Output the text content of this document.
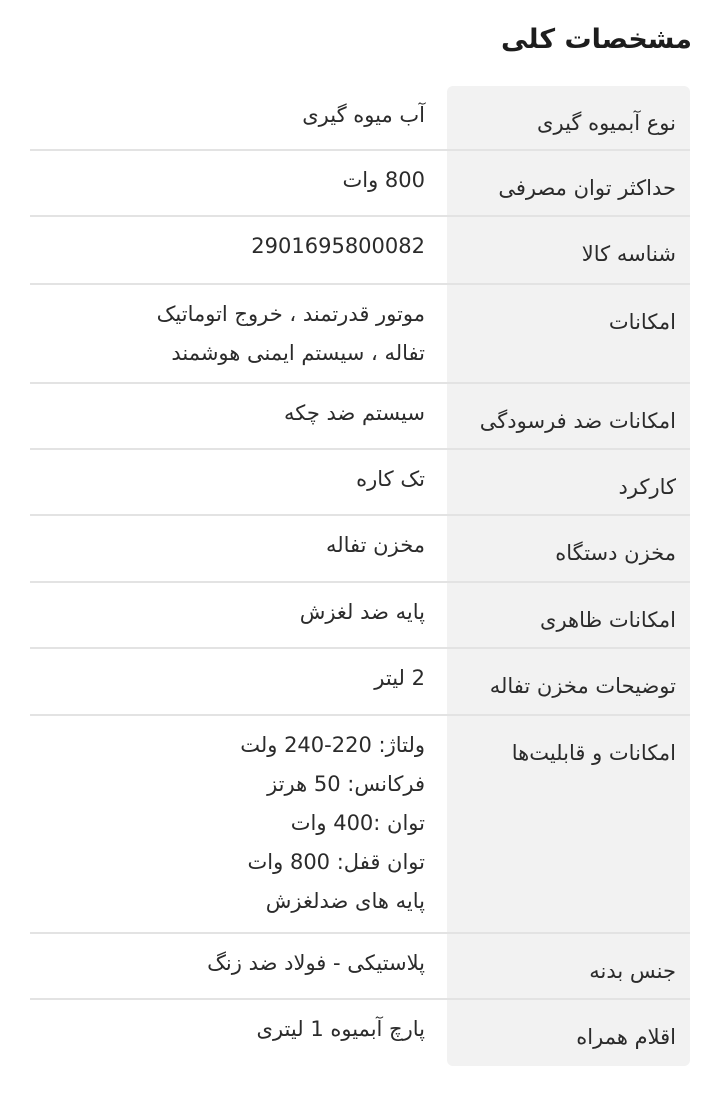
مشخصات کلی
نوع آبمیوه گیری
آب میوه گیری
حداکثر توان مصرفی
800 وات
شناسه کالا
2901695800082
امکانات
موتور قدرتمند ، خروج اتوماتیک
تفاله ، سیستم ایمنی هوشمند
امکانات ضد فرسودگی
سیستم ضد چکه
کارکرد
تک کاره
مخزن دستگاه
مخزن تفاله
امکانات ظاهری
پایه ضد لغزش
توضیحات مخزن تفاله
2 لیتر
امکانات و قابلیت‌ها
ولتاژ: 220-240 ولت
فرکانس: 50 هرتز
توان :400 وات
توان قفل: 800 وات
پایه های ضدلغزش
جنس بدنه
پلاستیکی - فولاد ضد زنگ
اقلام همراه
پارچ آبمیوه 1 لیتری
